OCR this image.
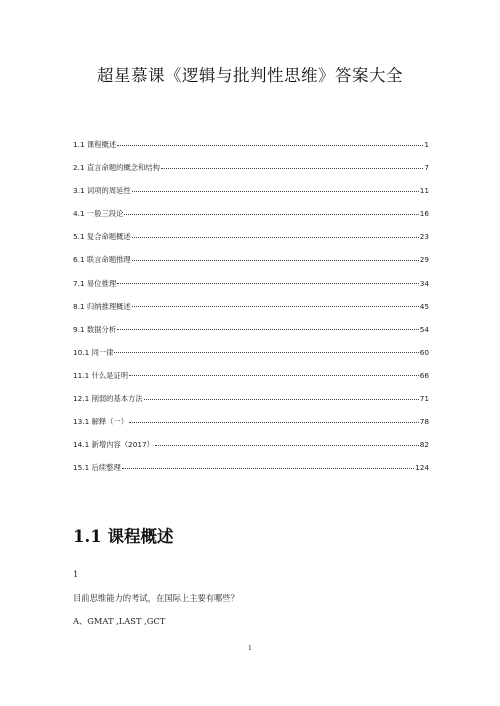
超星慕课《逻辑与批判性思维》答案大全
1.1 课程概述	1
2.1 直言命题的概念和结构	7
3.1 词项的周延性	11
4.1 一般三段论	16
5.1 复合命题概述	23
6.1 联言命题推理	29
7.1 易位推理	34
8.1 归纳推理概述	45
9.1 数据分析	54
10.1 同一律	60
11.1 什么是证明	66
12.1 削弱的基本方法	71
13.1 解释（一）	78
14.1 新增内容（2017）	82
15.1 后续整理	124
1.1 课程概述
1
目前思维能力的考试，在国际上主要有哪些？
A、GMAT ,LAST ,GCT
1
